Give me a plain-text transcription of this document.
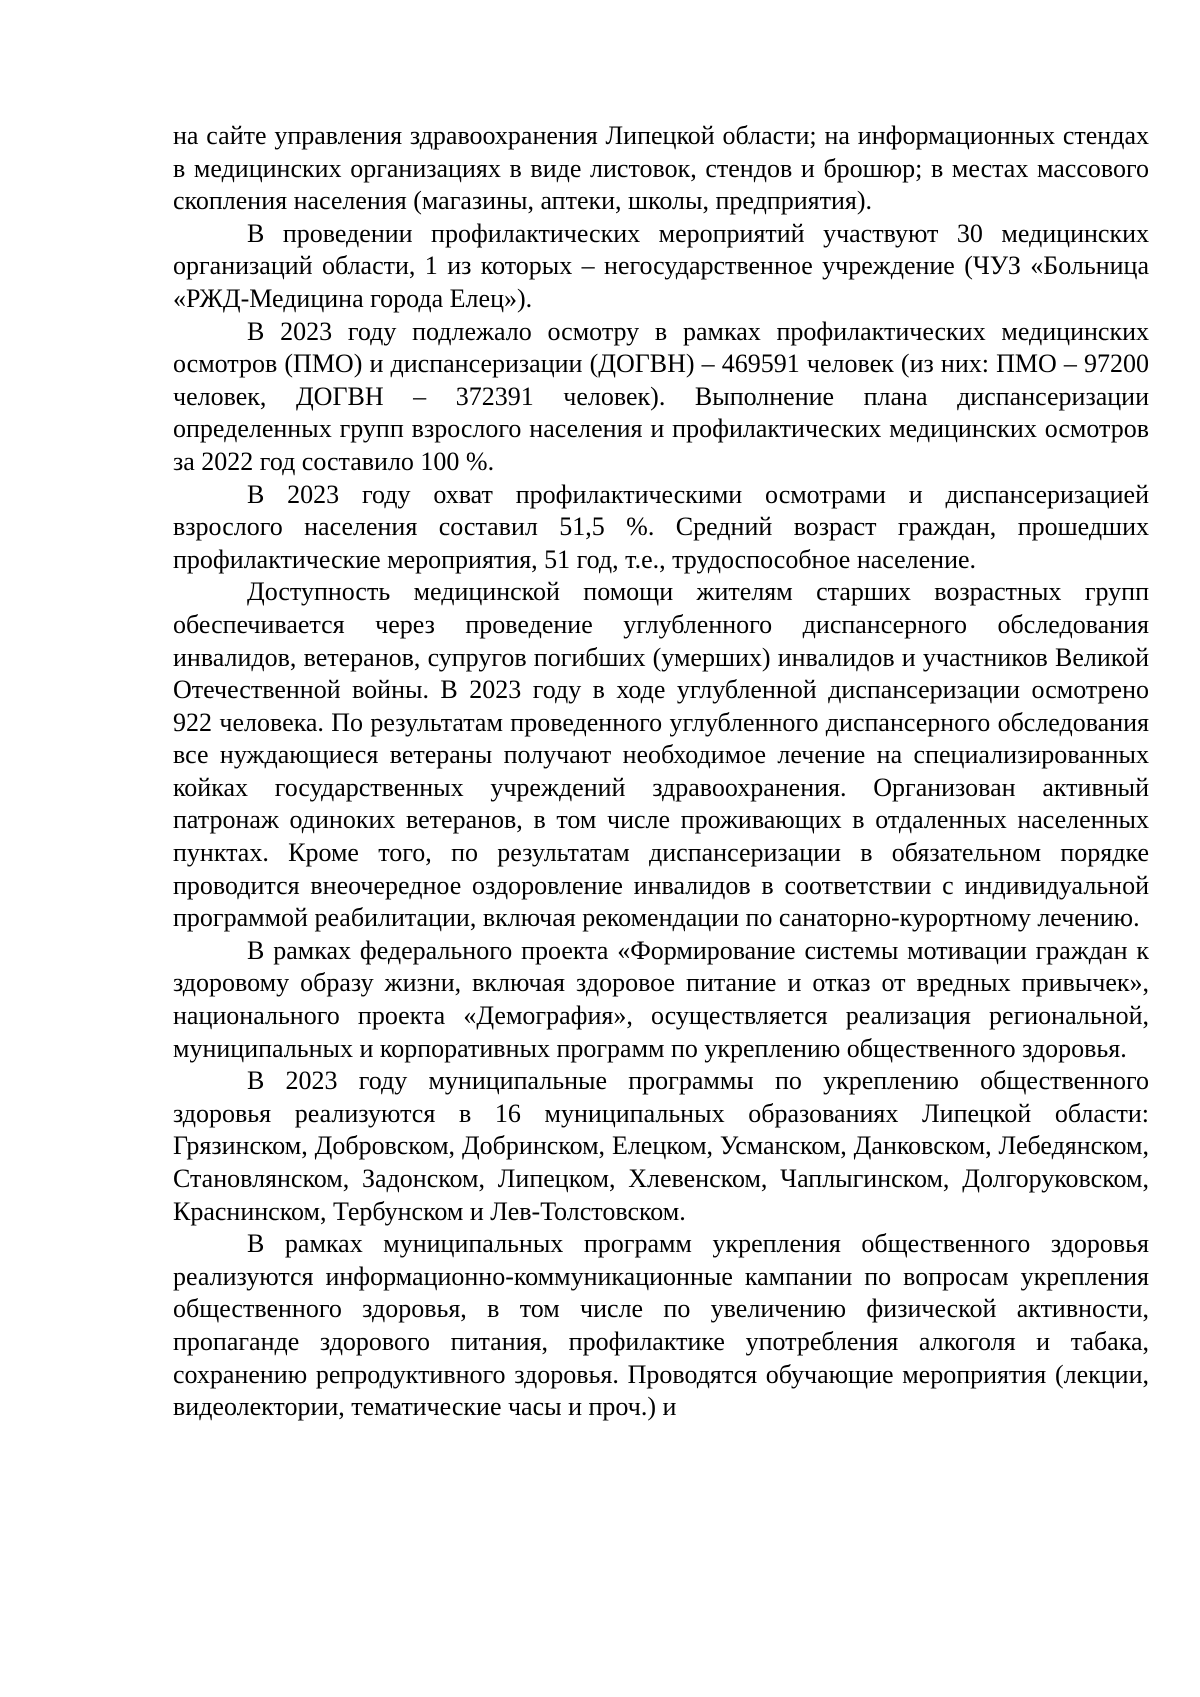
на сайте управления здравоохранения Липецкой области; на информационных стендах в медицинских организациях в виде листовок, стендов и брошюр; в местах массового скопления населения (магазины, аптеки, школы, предприятия).

В проведении профилактических мероприятий участвуют 30 медицинских организаций области, 1 из которых – негосударственное учреждение (ЧУЗ «Больница «РЖД-Медицина города Елец»).

В 2023 году подлежало осмотру в рамках профилактических медицинских осмотров (ПМО) и диспансеризации (ДОГВН) – 469591 человек (из них: ПМО – 97200 человек, ДОГВН – 372391 человек). Выполнение плана диспансеризации определенных групп взрослого населения и профилактических медицинских осмотров за 2022 год составило 100 %.

В 2023 году охват профилактическими осмотрами и диспансеризацией взрослого населения составил 51,5 %. Средний возраст граждан, прошедших профилактические мероприятия, 51 год, т.е., трудоспособное население.

Доступность медицинской помощи жителям старших возрастных групп обеспечивается через проведение углубленного диспансерного обследования инвалидов, ветеранов, супругов погибших (умерших) инвалидов и участников Великой Отечественной войны. В 2023 году в ходе углубленной диспансеризации осмотрено 922 человека. По результатам проведенного углубленного диспансерного обследования все нуждающиеся ветераны получают необходимое лечение на специализированных койках государственных учреждений здравоохранения. Организован активный патронаж одиноких ветеранов, в том числе проживающих в отдаленных населенных пунктах. Кроме того, по результатам диспансеризации в обязательном порядке проводится внеочередное оздоровление инвалидов в соответствии с индивидуальной программой реабилитации, включая рекомендации по санаторно-курортному лечению.

В рамках федерального проекта «Формирование системы мотивации граждан к здоровому образу жизни, включая здоровое питание и отказ от вредных привычек», национального проекта «Демография», осуществляется реализация региональной, муниципальных и корпоративных программ по укреплению общественного здоровья.

В 2023 году муниципальные программы по укреплению общественного здоровья реализуются в 16 муниципальных образованиях Липецкой области: Грязинском, Добровском, Добринском, Елецком, Усманском, Данковском, Лебедянском, Становлянском, Задонском, Липецком, Хлевенском, Чаплыгинском, Долгоруковском, Краснинском, Тербунском и Лев-Толстовском.

В рамках муниципальных программ укрепления общественного здоровья реализуются информационно-коммуникационные кампании по вопросам укрепления общественного здоровья, в том числе по увеличению физической активности, пропаганде здорового питания, профилактике употребления алкоголя и табака, сохранению репродуктивного здоровья. Проводятся обучающие мероприятия (лекции, видеолектории, тематические часы и проч.) и
